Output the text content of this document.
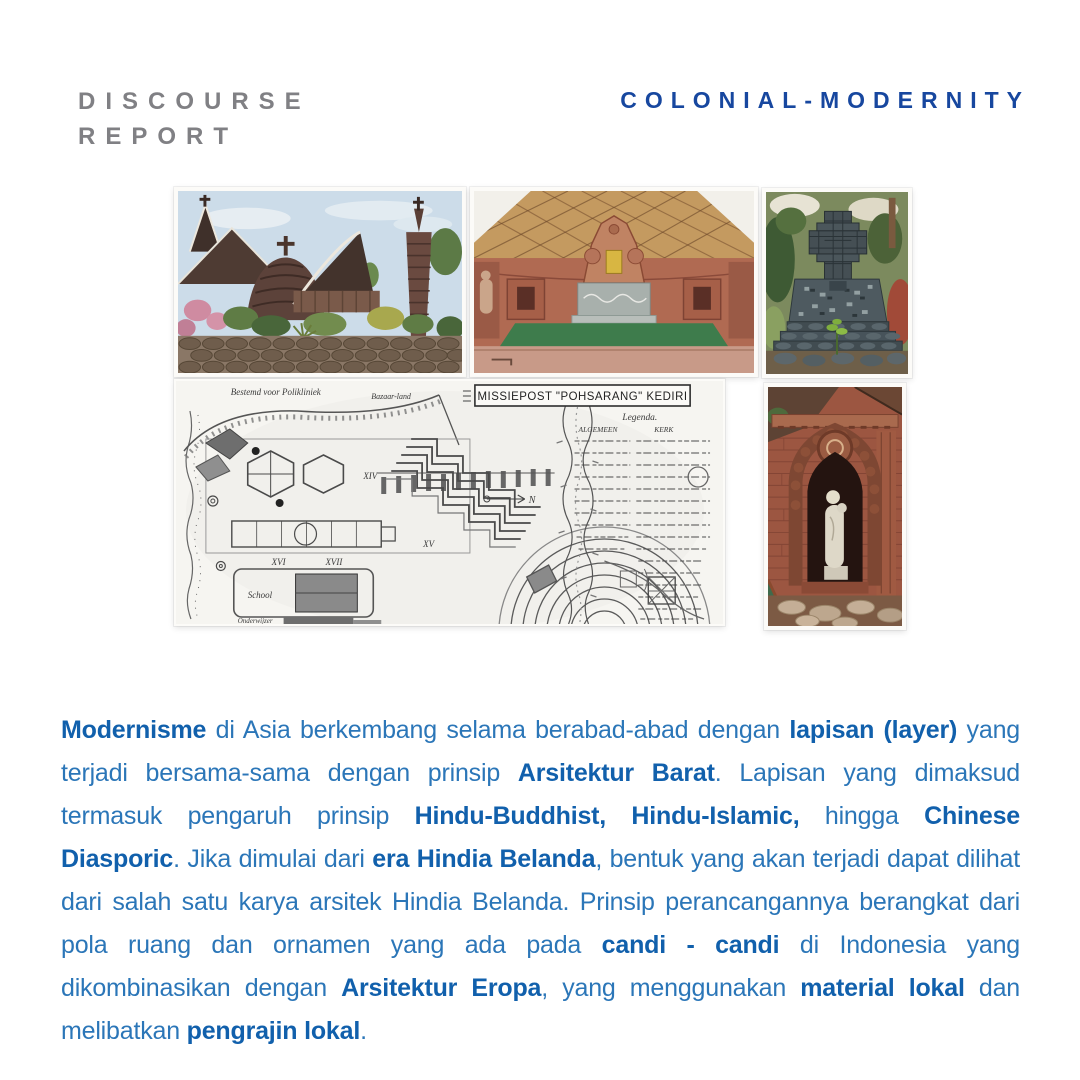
DISCOURSE
REPORT
COLONIAL-MODERNITY
Bestemd voor Polikliniek	Bazaar-land
School
Onderwijzer
N
XIV
XVI	XVII
XV
MISSIEPOST "POHSARANG" KEDIRI
Legenda.
ALGEMEEN	KERK

Modernisme di Asia berkembang selama berabad-abad dengan lapisan (layer) yang terjadi bersama-sama dengan prinsip Arsitektur Barat. Lapisan yang dimaksud termasuk pengaruh prinsip Hindu-Buddhist, Hindu-Islamic, hingga Chinese Diasporic. Jika dimulai dari era Hindia Belanda, bentuk yang akan terjadi dapat dilihat dari salah satu karya arsitek Hindia Belanda. Prinsip perancangannya berangkat dari pola ruang dan ornamen yang ada pada candi - candi di Indonesia yang dikombinasikan dengan Arsitektur Eropa, yang menggunakan material lokal dan melibatkan pengrajin lokal.
